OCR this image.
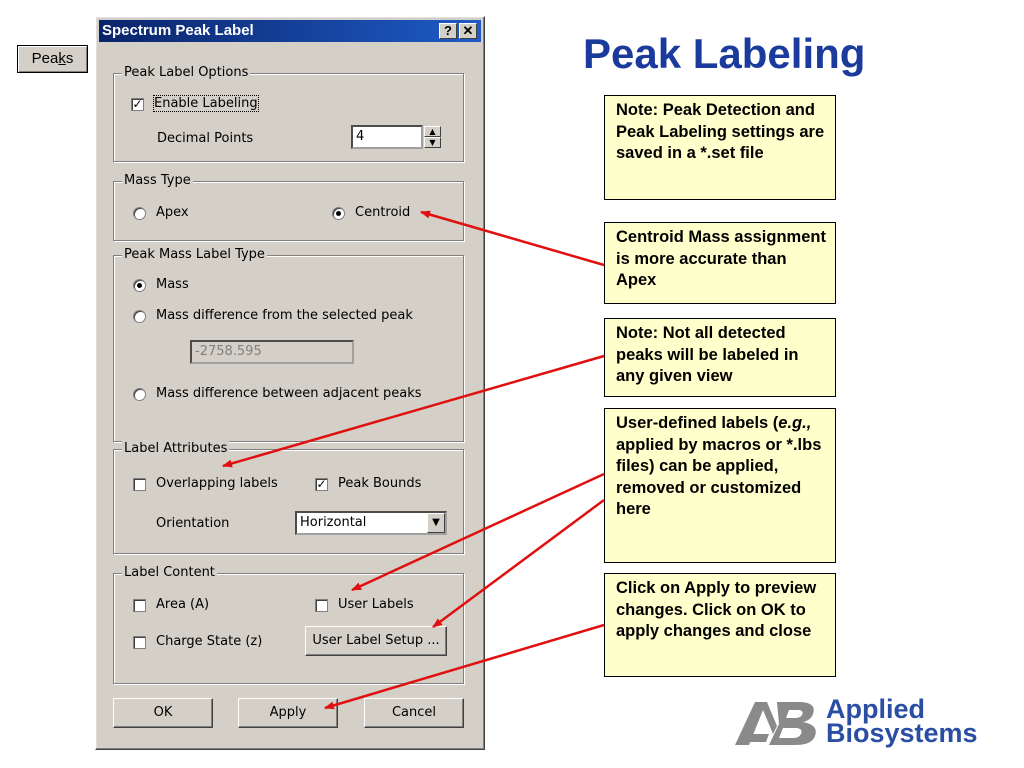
Peak Labeling
Peaks
Spectrum Peak Label	? ✕
Peak Label Options
✓ Enable Labeling
Decimal Points	4	▲
▼
Mass Type
Apex	Centroid
Peak Mass Label Type
Mass
Mass difference from the selected peak
-2758.595
Mass difference between adjacent peaks
Label Attributes
Overlapping labels	✓ Peak Bounds
Orientation	Horizontal	▼
Label Content
Area (A)	User Labels
Charge State (z)	User Label Setup ...
OK	Apply	Cancel
Note: Peak Detection and Peak Labeling settings are saved in a *.set file
Centroid Mass assignment is more accurate than Apex
Note: Not all detected peaks will be labeled in any given view
User-defined labels (e.g., applied by macros or *.lbs files) can be applied, removed or customized here
Click on Apply to preview changes. Click on OK to apply changes and close
Applied
Biosystems
